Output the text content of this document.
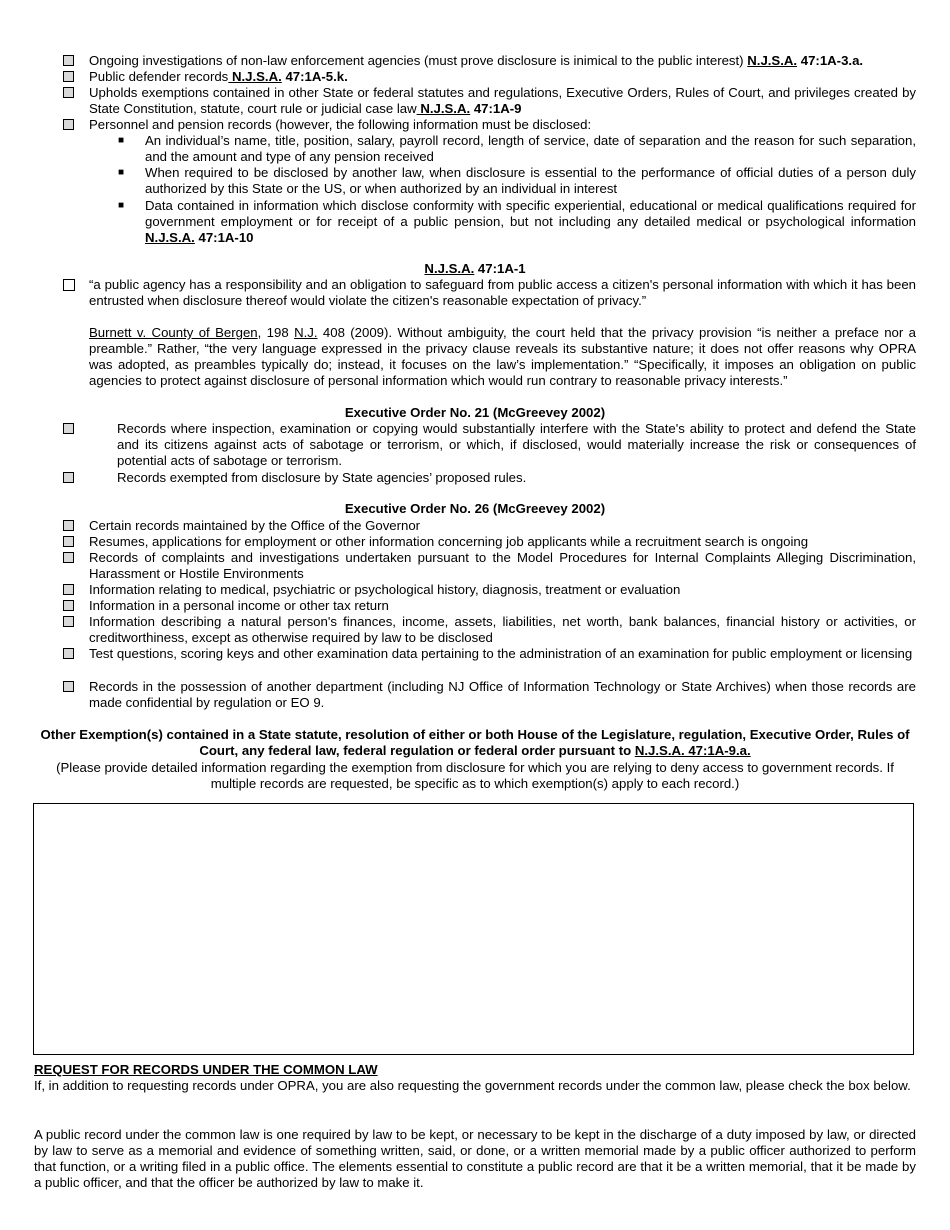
Ongoing investigations of non-law enforcement agencies (must prove disclosure is inimical to the public interest) N.J.S.A. 47:1A-3.a.
Public defender records N.J.S.A. 47:1A-5.k.
Upholds exemptions contained in other State or federal statutes and regulations, Executive Orders, Rules of Court, and privileges created by State Constitution, statute, court rule or judicial case law N.J.S.A. 47:1A-9
Personnel and pension records (however, the following information must be disclosed:
■ An individual’s name, title, position, salary, payroll record, length of service, date of separation and the reason for such separation, and the amount and type of any pension received
■ When required to be disclosed by another law, when disclosure is essential to the performance of official duties of a person duly authorized by this State or the US, or when authorized by an individual in interest
■ Data contained in information which disclose conformity with specific experiential, educational or medical qualifications required for government employment or for receipt of a public pension, but not including any detailed medical or psychological information N.J.S.A. 47:1A-10
N.J.S.A. 47:1A-1
“a public agency has a responsibility and an obligation to safeguard from public access a citizen's personal information with which it has been entrusted when disclosure thereof would violate the citizen's reasonable expectation of privacy.”
Burnett v. County of Bergen, 198 N.J. 408 (2009). Without ambiguity, the court held that the privacy provision “is neither a preface nor a preamble.” Rather, “the very language expressed in the privacy clause reveals its substantive nature; it does not offer reasons why OPRA was adopted, as preambles typically do; instead, it focuses on the law’s implementation.” “Specifically, it imposes an obligation on public agencies to protect against disclosure of personal information which would run contrary to reasonable privacy interests.”
Executive Order No. 21 (McGreevey 2002)
Records where inspection, examination or copying would substantially interfere with the State's ability to protect and defend the State and its citizens against acts of sabotage or terrorism, or which, if disclosed, would materially increase the risk or consequences of potential acts of sabotage or terrorism.
Records exempted from disclosure by State agencies’ proposed rules.
Executive Order No. 26 (McGreevey 2002)
Certain records maintained by the Office of the Governor
Resumes, applications for employment or other information concerning job applicants while a recruitment search is ongoing
Records of complaints and investigations undertaken pursuant to the Model Procedures for Internal Complaints Alleging Discrimination, Harassment or Hostile Environments
Information relating to medical, psychiatric or psychological history, diagnosis, treatment or evaluation
Information in a personal income or other tax return
Information describing a natural person's finances, income, assets, liabilities, net worth, bank balances, financial history or activities, or creditworthiness, except as otherwise required by law to be disclosed
Test questions, scoring keys and other examination data pertaining to the administration of an examination for public employment or licensing
Records in the possession of another department (including NJ Office of Information Technology or State Archives) when those records are made confidential by regulation or EO 9.
Other Exemption(s) contained in a State statute, resolution of either or both House of the Legislature, regulation, Executive Order, Rules of Court, any federal law, federal regulation or federal order pursuant to N.J.S.A. 47:1A-9.a.
(Please provide detailed information regarding the exemption from disclosure for which you are relying to deny access to government records. If multiple records are requested, be specific as to which exemption(s) apply to each record.)
REQUEST FOR RECORDS UNDER THE COMMON LAW
If, in addition to requesting records under OPRA, you are also requesting the government records under the common law, please check the box below.
A public record under the common law is one required by law to be kept, or necessary to be kept in the discharge of a duty imposed by law, or directed by law to serve as a memorial and evidence of something written, said, or done, or a written memorial made by a public officer authorized to perform that function, or a writing filed in a public office. The elements essential to constitute a public record are that it be a written memorial, that it be made by a public officer, and that the officer be authorized by law to make it.
